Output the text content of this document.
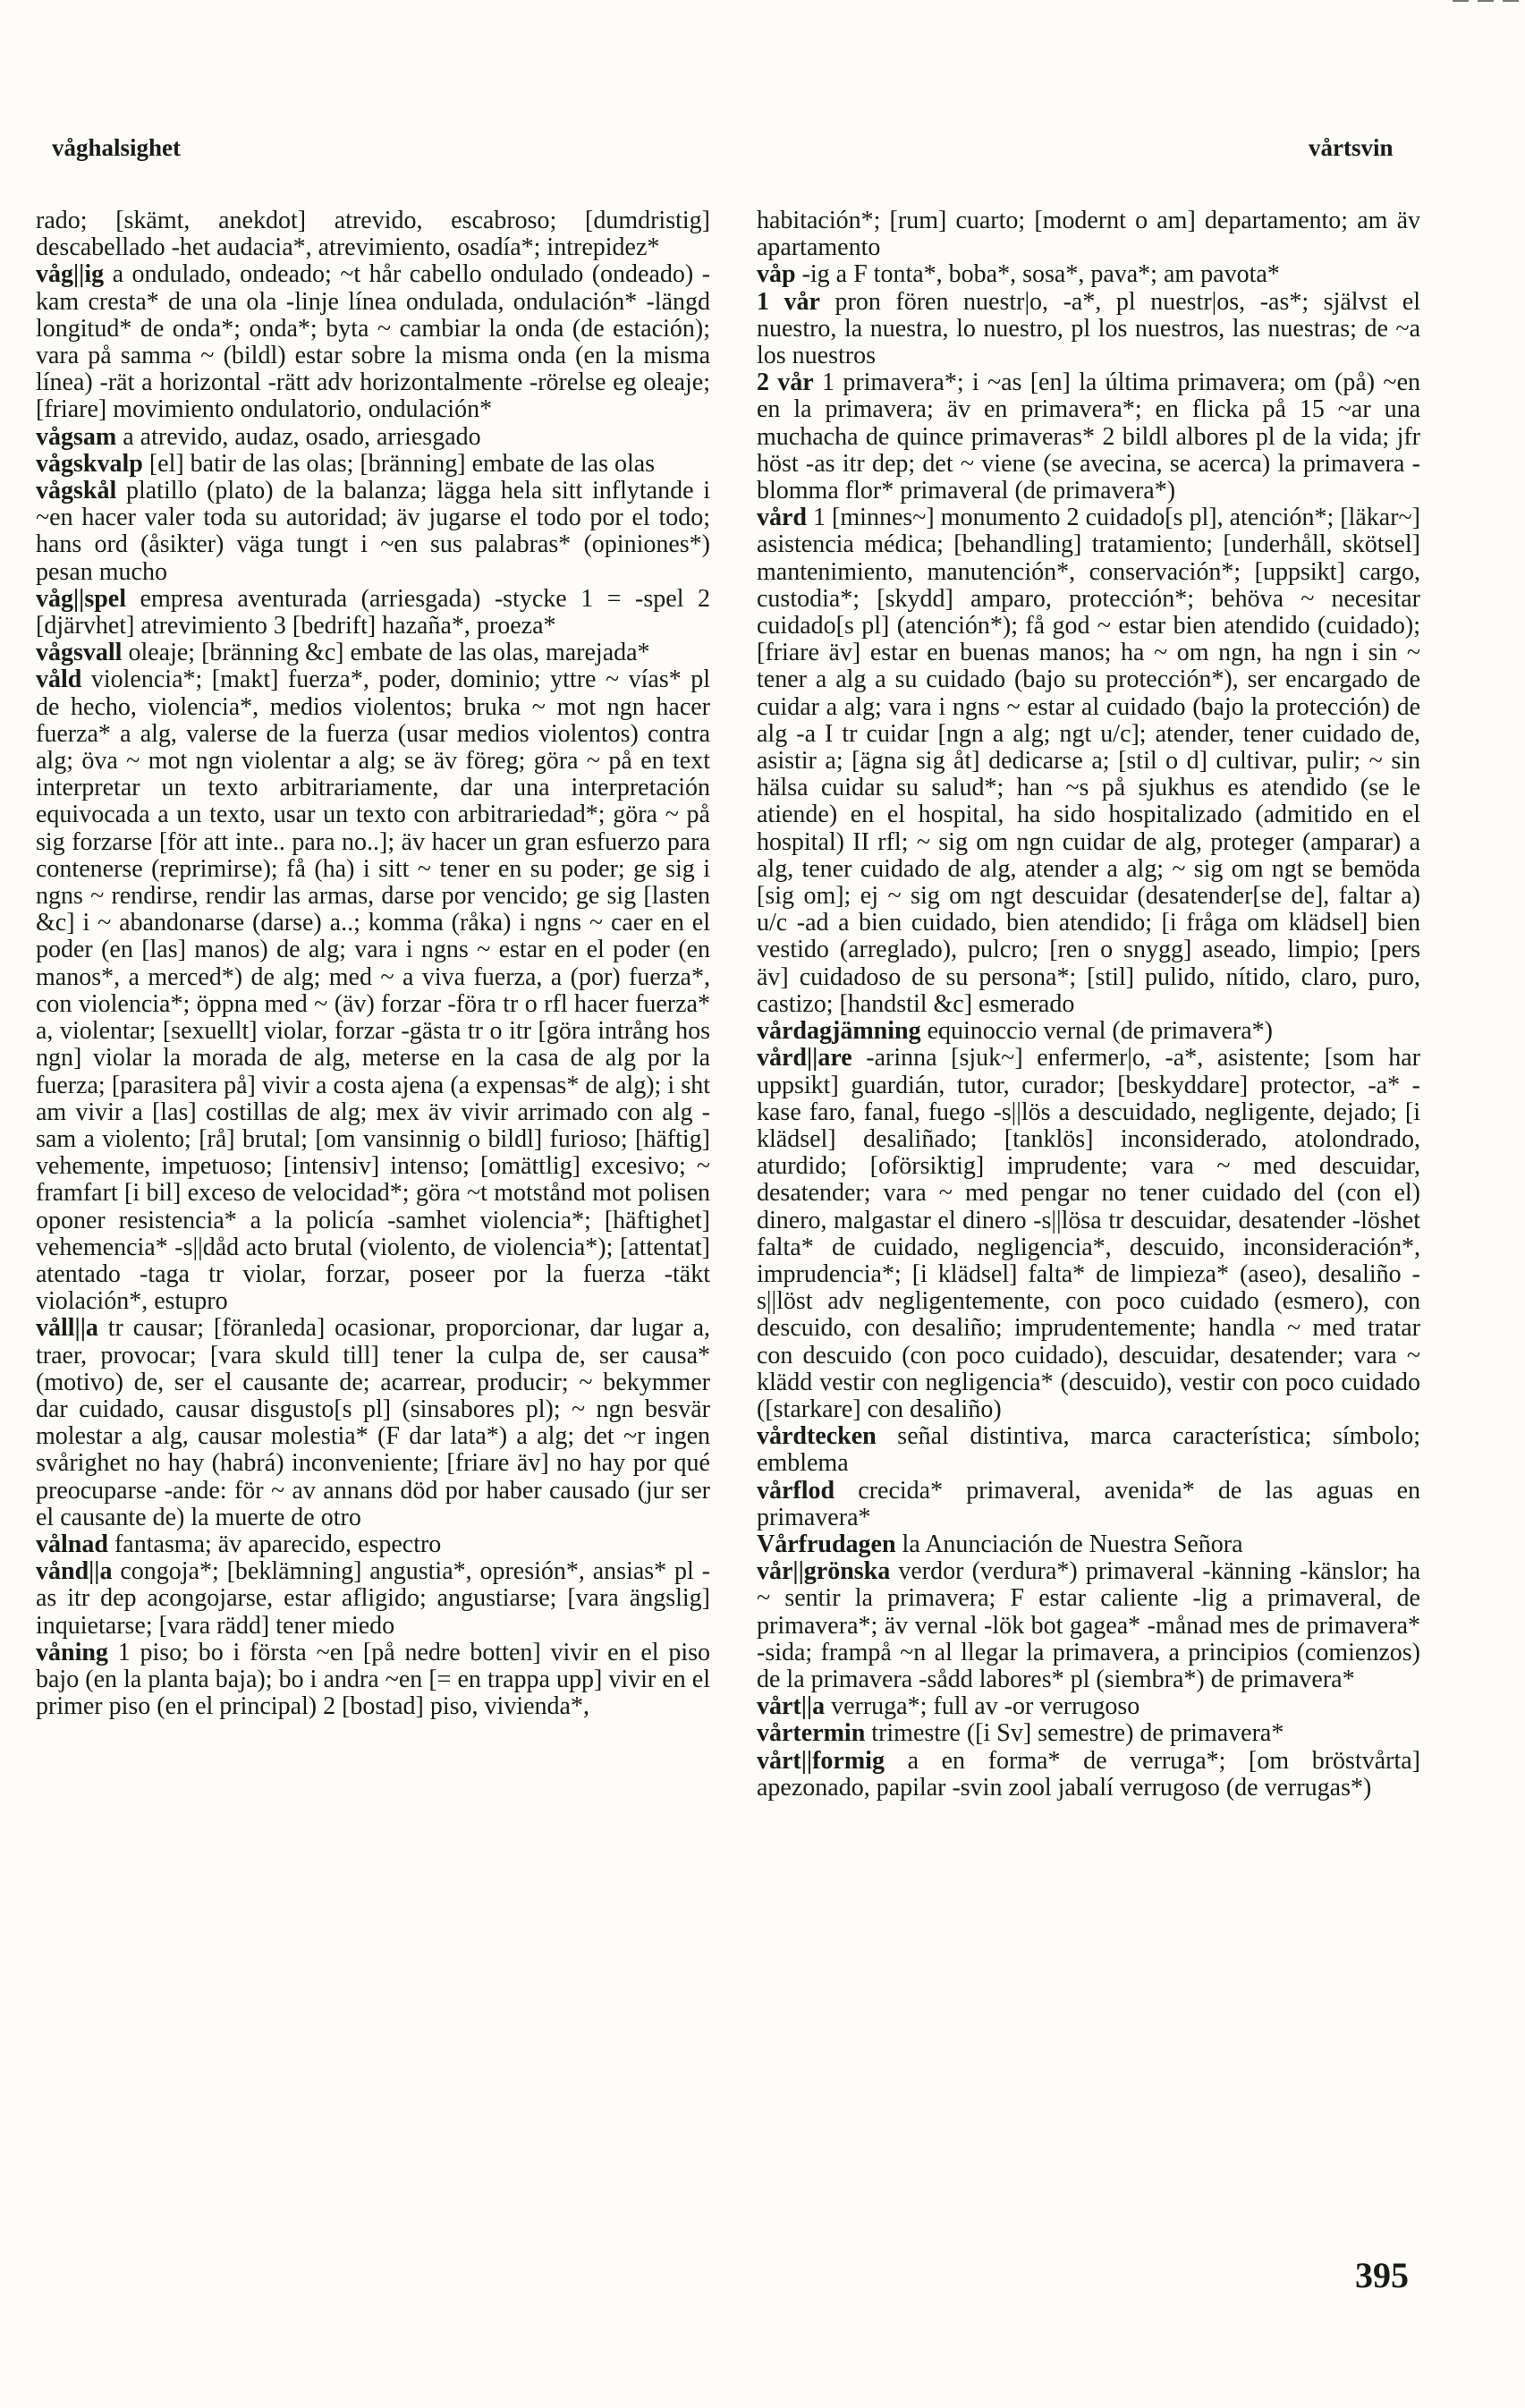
våghalsighet	vårtsvin

rado; [skämt, anekdot] atrevido, escabroso; [dumdristig] descabellado -het audacia*, atrevimiento, osadía*; intrepidez*

våg||ig a ondulado, ondeado; ~t hår cabello ondulado (ondeado) -kam cresta* de una ola -linje línea ondulada, ondulación* -längd longitud* de onda*; onda*; byta ~ cambiar la onda (de estación); vara på samma ~ (bildl) estar sobre la misma onda (en la misma línea) -rät a horizontal -rätt adv horizontalmente -rörelse eg oleaje; [friare] movimiento ondulatorio, ondulación*

vågsam a atrevido, audaz, osado, arriesgado

vågskvalp [el] batir de las olas; [bränning] embate de las olas

vågskål platillo (plato) de la balanza; lägga hela sitt inflytande i ~en hacer valer toda su autoridad; äv jugarse el todo por el todo; hans ord (åsikter) väga tungt i ~en sus palabras* (opiniones*) pesan mucho

våg||spel empresa aventurada (arriesgada) -stycke 1 = -spel 2 [djärvhet] atrevimiento 3 [bedrift] hazaña*, proeza*

vågsvall oleaje; [bränning &c] embate de las olas, marejada*

våld violencia*; [makt] fuerza*, poder, dominio; yttre ~ vías* pl de hecho, violencia*, medios violentos; bruka ~ mot ngn hacer fuerza* a alg, valerse de la fuerza (usar medios violentos) contra alg; öva ~ mot ngn violentar a alg; se äv föreg; göra ~ på en text interpretar un texto arbitrariamente, dar una interpretación equivocada a un texto, usar un texto con arbitrariedad*; göra ~ på sig forzarse [för att inte.. para no..]; äv hacer un gran esfuerzo para contenerse (reprimirse); få (ha) i sitt ~ tener en su poder; ge sig i ngns ~ rendirse, rendir las armas, darse por vencido; ge sig [lasten &c] i ~ abandonarse (darse) a..; komma (råka) i ngns ~ caer en el poder (en [las] manos) de alg; vara i ngns ~ estar en el poder (en manos*, a merced*) de alg; med ~ a viva fuerza, a (por) fuerza*, con violencia*; öppna med ~ (äv) forzar -föra tr o rfl hacer fuerza* a, violentar; [sexuellt] violar, forzar -gästa tr o itr [göra intrång hos ngn] violar la morada de alg, meterse en la casa de alg por la fuerza; [parasitera på] vivir a costa ajena (a expensas* de alg); i sht am vivir a [las] costillas de alg; mex äv vivir arrimado con alg -sam a violento; [rå] brutal; [om vansinnig o bildl] furioso; [häftig] vehemente, impetuoso; [intensiv] intenso; [omättlig] excesivo; ~ framfart [i bil] exceso de velocidad*; göra ~t motstånd mot polisen oponer resistencia* a la policía -samhet violencia*; [häftighet] vehemencia* -s||dåd acto brutal (violento, de violencia*); [attentat] atentado -taga tr violar, forzar, poseer por la fuerza -täkt violación*, estupro

våll||a tr causar; [föranleda] ocasionar, proporcionar, dar lugar a, traer, provocar; [vara skuld till] tener la culpa de, ser causa* (motivo) de, ser el causante de; acarrear, producir; ~ bekymmer dar cuidado, causar disgusto[s pl] (sinsabores pl); ~ ngn besvär molestar a alg, causar molestia* (F dar lata*) a alg; det ~r ingen svårighet no hay (habrá) inconveniente; [friare äv] no hay por qué preocuparse -ande: för ~ av annans död por haber causado (jur ser el causante de) la muerte de otro

vålnad fantasma; äv aparecido, espectro

vånd||a congoja*; [beklämning] angustia*, opresión*, ansias* pl -as itr dep acongojarse, estar afligido; angustiarse; [vara ängslig] inquietarse; [vara rädd] tener miedo

våning 1 piso; bo i första ~en [på nedre botten] vivir en el piso bajo (en la planta baja); bo i andra ~en [= en trappa upp] vivir en el primer piso (en el principal) 2 [bostad] piso, vivienda*,

habitación*; [rum] cuarto; [modernt o am] departamento; am äv apartamento

våp -ig a F tonta*, boba*, sosa*, pava*; am pavota*

1 vår pron fören nuestr|o, -a*, pl nuestr|os, -as*; självst el nuestro, la nuestra, lo nuestro, pl los nuestros, las nuestras; de ~a los nuestros

2 vår 1 primavera*; i ~as [en] la última primavera; om (på) ~en en la primavera; äv en primavera*; en flicka på 15 ~ar una muchacha de quince primaveras* 2 bildl albores pl de la vida; jfr höst -as itr dep; det ~ viene (se avecina, se acerca) la primavera -blomma flor* primaveral (de primavera*)

vård 1 [minnes~] monumento 2 cuidado[s pl], atención*; [läkar~] asistencia médica; [behandling] tratamiento; [underhåll, skötsel] mantenimiento, manutención*, conservación*; [uppsikt] cargo, custodia*; [skydd] amparo, protección*; behöva ~ necesitar cuidado[s pl] (atención*); få god ~ estar bien atendido (cuidado); [friare äv] estar en buenas manos; ha ~ om ngn, ha ngn i sin ~ tener a alg a su cuidado (bajo su protección*), ser encargado de cuidar a alg; vara i ngns ~ estar al cuidado (bajo la protección) de alg -a I tr cuidar [ngn a alg; ngt u/c]; atender, tener cuidado de, asistir a; [ägna sig åt] dedicarse a; [stil o d] cultivar, pulir; ~ sin hälsa cuidar su salud*; han ~s på sjukhus es atendido (se le atiende) en el hospital, ha sido hospitalizado (admitido en el hospital) II rfl; ~ sig om ngn cuidar de alg, proteger (amparar) a alg, tener cuidado de alg, atender a alg; ~ sig om ngt se bemöda [sig om]; ej ~ sig om ngt descuidar (desatender[se de], faltar a) u/c -ad a bien cuidado, bien atendido; [i fråga om klädsel] bien vestido (arreglado), pulcro; [ren o snygg] aseado, limpio; [pers äv] cuidadoso de su persona*; [stil] pulido, nítido, claro, puro, castizo; [handstil &c] esmerado

vårdagjämning equinoccio vernal (de primavera*)

vård||are -arinna [sjuk~] enfermer|o, -a*, asistente; [som har uppsikt] guardián, tutor, curador; [beskyddare] protector, -a* -kase faro, fanal, fuego -s||lös a descuidado, negligente, dejado; [i klädsel] desaliñado; [tanklös] inconsiderado, atolondrado, aturdido; [oförsiktig] imprudente; vara ~ med descuidar, desatender; vara ~ med pengar no tener cuidado del (con el) dinero, malgastar el dinero -s||lösa tr descuidar, desatender -löshet falta* de cuidado, negligencia*, descuido, inconsideración*, imprudencia*; [i klädsel] falta* de limpieza* (aseo), desaliño -s||löst adv negligentemente, con poco cuidado (esmero), con descuido, con desaliño; imprudentemente; handla ~ med tratar con descuido (con poco cuidado), descuidar, desatender; vara ~ klädd vestir con negligencia* (descuido), vestir con poco cuidado ([starkare] con desaliño)

vårdtecken señal distintiva, marca característica; símbolo; emblema

vårflod crecida* primaveral, avenida* de las aguas en primavera*

Vårfrudagen la Anunciación de Nuestra Señora

vår||grönska verdor (verdura*) primaveral -känning -känslor; ha ~ sentir la primavera; F estar caliente -lig a primaveral, de primavera*; äv vernal -lök bot gagea* -månad mes de primavera* -sida; frampå ~n al llegar la primavera, a principios (comienzos) de la primavera -sådd labores* pl (siembra*) de primavera*

vårt||a verruga*; full av -or verrugoso

vårtermin trimestre ([i Sv] semestre) de primavera*

vårt||formig a en forma* de verruga*; [om bröstvårta] apezonado, papilar -svin zool jabalí verrugoso (de verrugas*)

395
